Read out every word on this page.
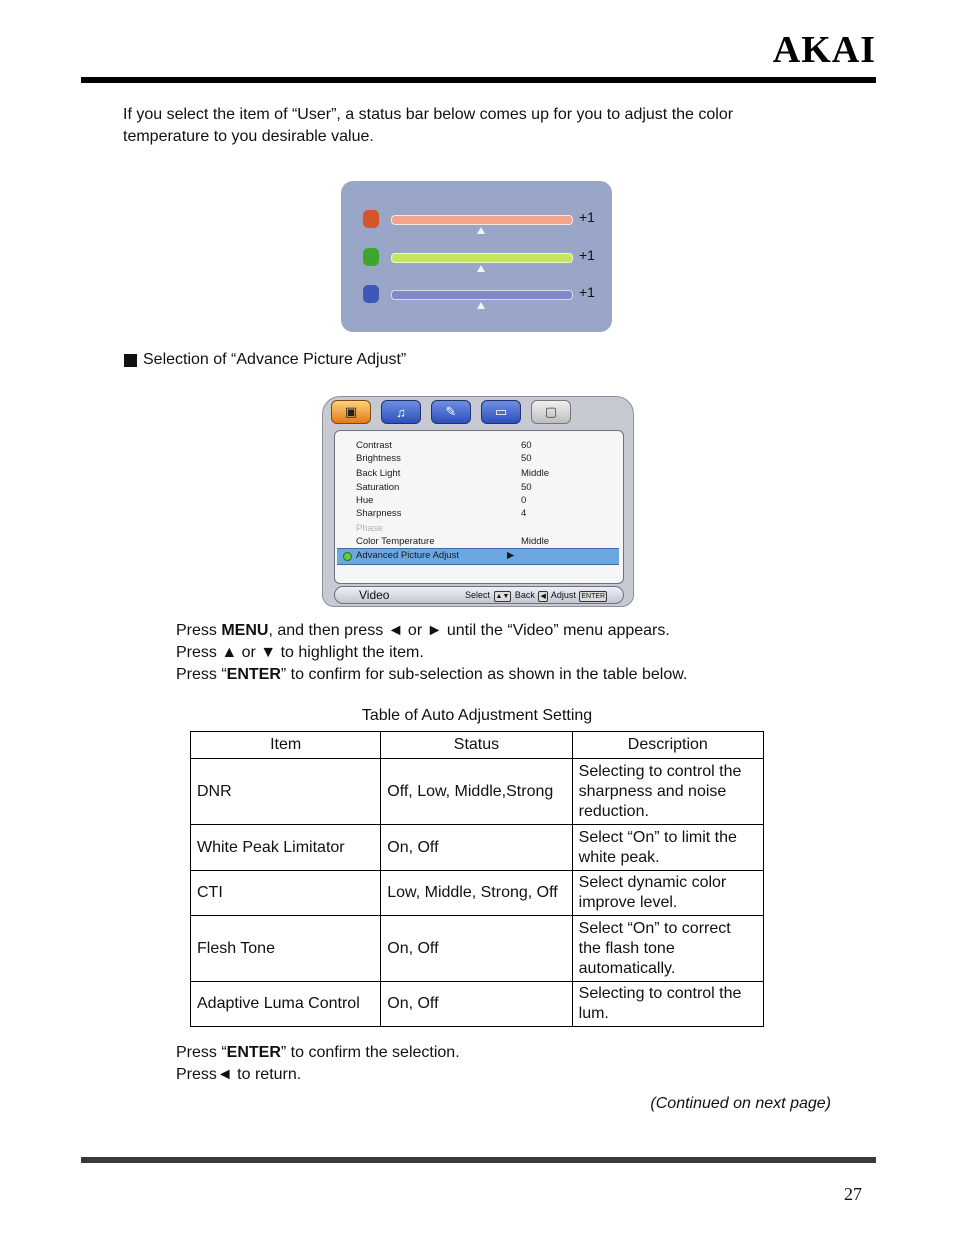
AKAI
If you select the item of “User”, a status bar below comes up for you to adjust the color
temperature to you desirable value.
+1
+1
+1
Selection of “Advance Picture Adjust”
▣	♫	✎	▭	▢
Contrast	60
Brightness	50
Back Light	Middle
Saturation	50
Hue	0
Sharpness	4
Phase
Color Temperature	Middle
Advanced Picture Adjust	▶
Video	Select ▲▼ Back ◀ Adjust ENTER
Press MENU, and then press ◄ or ► until the “Video” menu appears.
Press ▲ or ▼ to highlight the item.
Press “ENTER” to confirm for sub-selection as shown in the table below.
Table of Auto Adjustment Setting
Item	Status	Description
DNR	Off, Low, Middle,Strong	Selecting to control the sharpness and noise reduction.
White Peak Limitator	On, Off	Select “On” to limit the white peak.
CTI	Low, Middle, Strong, Off	Select dynamic color improve level.
Flesh Tone	On, Off	Select “On” to correct the flash tone automatically.
Adaptive Luma Control	On, Off	Selecting to control the lum.
Press “ENTER” to confirm the selection.
Press◄ to return.
(Continued on next page)
27
